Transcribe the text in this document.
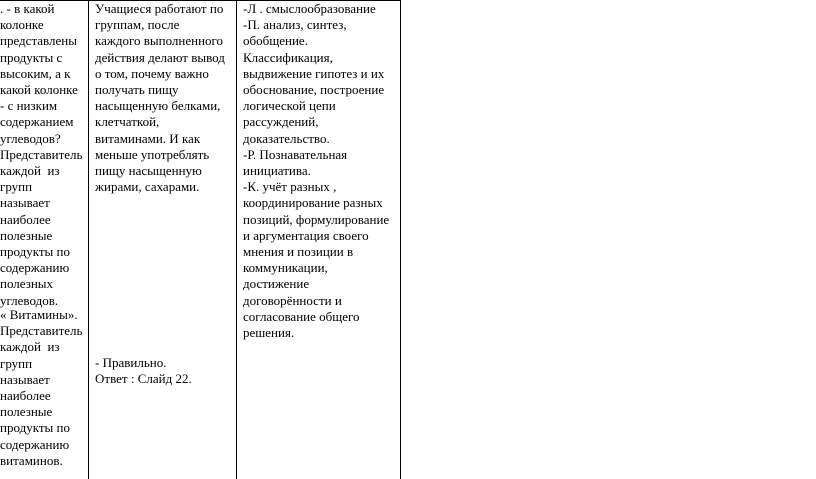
. - в какой
колонке
представлены
продукты с
высоким, а к
какой колонке
- с низким
содержанием
углеводов?
Представитель
каждой  из
групп
называет
наиболее
полезные
продукты по
содержанию
полезных
углеводов.

« Витамины».
Представитель
каждой  из
групп
называет
наиболее
полезные
продукты по
содержанию
витаминов.

Учащиеся работают по
группам, после
каждого выполненного
действия делают вывод
о том, почему важно
получать пищу
насыщенную белками,
клетчаткой,
витаминами. И как
меньше употреблять
пищу насыщенную
жирами, сахарами.

- Правильно.
Ответ : Слайд 22.

-Л . смыслообразование
-П. анализ, синтез,
обобщение.
Классификация,
выдвижение гипотез и их
обоснование, построение
логической цепи
рассуждений,
доказательство.
-Р. Познавательная
инициатива.
-К. учёт разных ,
координирование разных
позиций, формулирование
и аргументация своего
мнения и позиции в
коммуникации,
достижение
договорённости и
согласование общего
решения.
